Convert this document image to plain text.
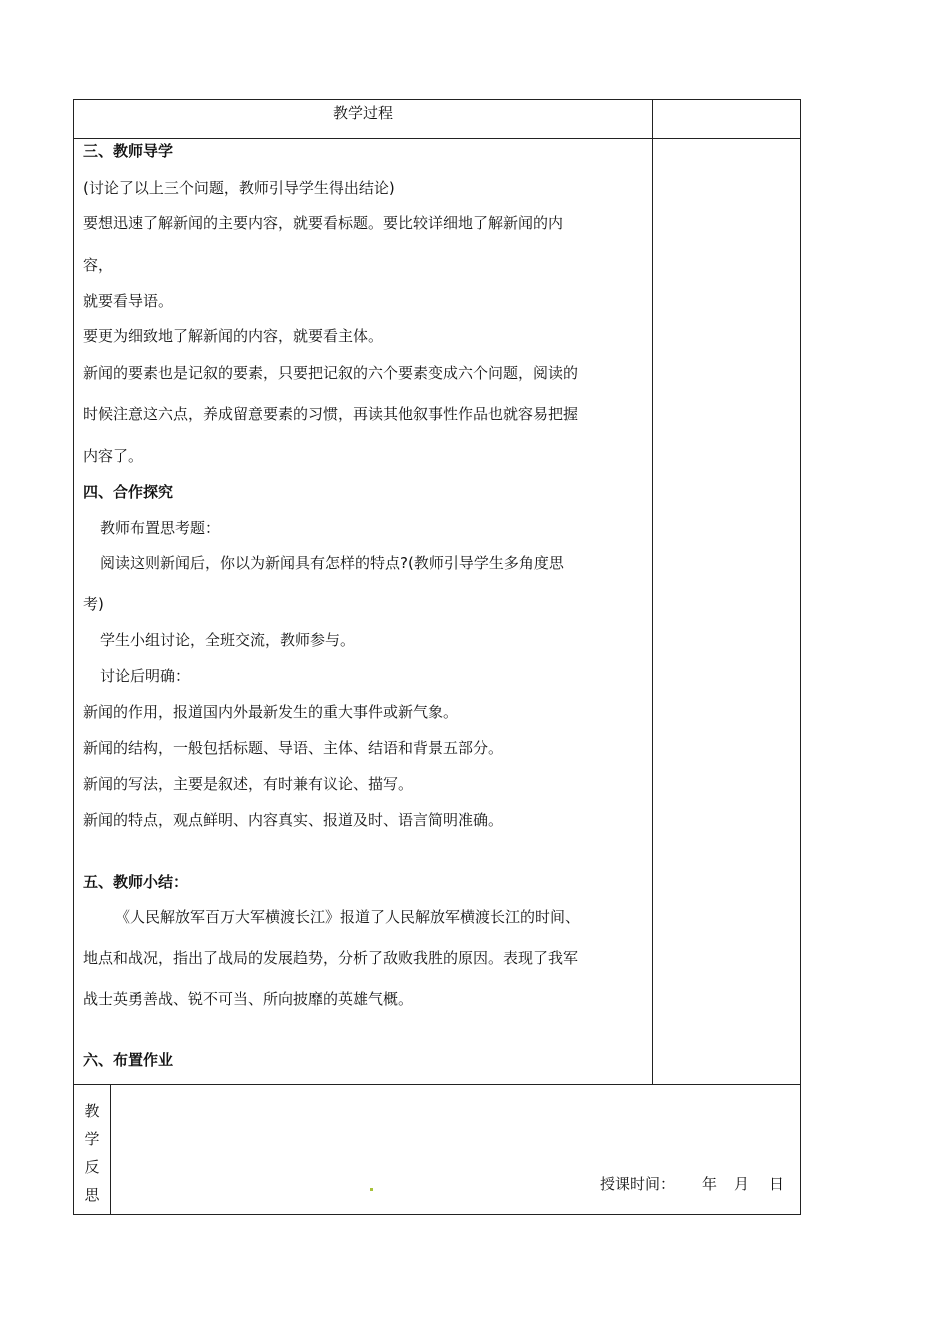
教学过程
三、教师导学
(讨论了以上三个问题，教师引导学生得出结论)
要想迅速了解新闻的主要内容，就要看标题。要比较详细地了解新闻的内
容，
就要看导语。
要更为细致地了解新闻的内容，就要看主体。
新闻的要素也是记叙的要素，只要把记叙的六个要素变成六个问题，阅读的
时候注意这六点，养成留意要素的习惯，再读其他叙事性作品也就容易把握
内容了。
四、合作探究
教师布置思考题：
阅读这则新闻后，你以为新闻具有怎样的特点?(教师引导学生多角度思
考)
学生小组讨论，全班交流，教师参与。
讨论后明确：
新闻的作用，报道国内外最新发生的重大事件或新气象。
新闻的结构，一般包括标题、导语、主体、结语和背景五部分。
新闻的写法，主要是叙述，有时兼有议论、描写。
新闻的特点，观点鲜明、内容真实、报道及时、语言简明准确。
五、教师小结：
《人民解放军百万大军横渡长江》报道了人民解放军横渡长江的时间、
地点和战况，指出了战局的发展趋势，分析了敌败我胜的原因。表现了我军
战士英勇善战、锐不可当、所向披靡的英雄气概。
六、布置作业
教
学
反
思
授课时间： 年 月 日
